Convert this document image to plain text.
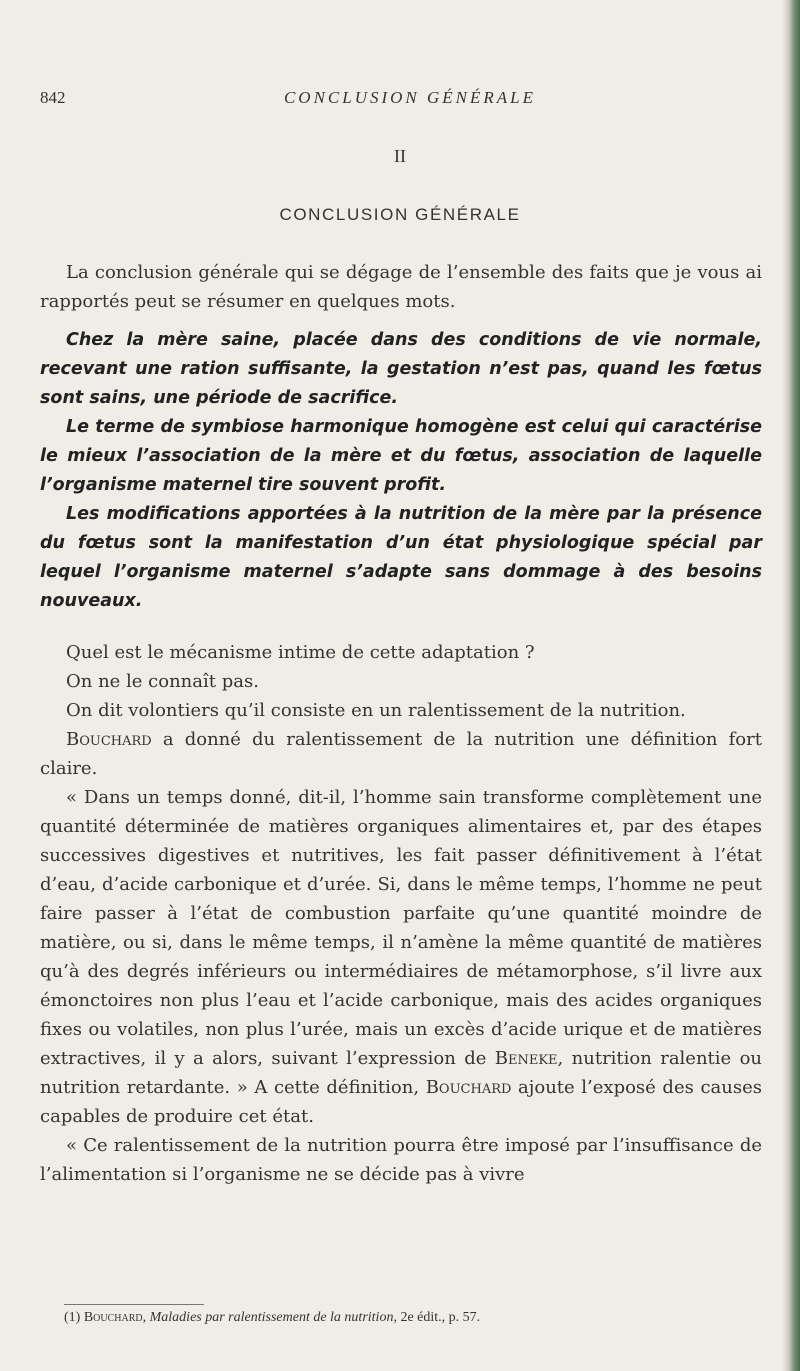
842	CONCLUSION GÉNÉRALE
II
CONCLUSION GÉNÉRALE

La conclusion générale qui se dégage de l’ensemble des faits que je vous ai rapportés peut se résumer en quelques mots.

Chez la mère saine, placée dans des conditions de vie normale, recevant une ration suffisante, la gestation n’est pas, quand les fœtus sont sains, une période de sacrifice.

Le terme de symbiose harmonique homogène est celui qui caractérise le mieux l’association de la mère et du fœtus, association de laquelle l’organisme maternel tire souvent profit.

Les modifications apportées à la nutrition de la mère par la présence du fœtus sont la manifestation d’un état physiologique spécial par lequel l’organisme maternel s’adapte sans dommage à des besoins nouveaux.

Quel est le mécanisme intime de cette adaptation ?

On ne le connaît pas.

On dit volontiers qu’il consiste en un ralentissement de la nutrition.

Bouchard a donné du ralentissement de la nutrition une définition fort claire.

« Dans un temps donné, dit-il, l’homme sain transforme complètement une quantité déterminée de matières organiques alimentaires et, par des étapes successives digestives et nutritives, les fait passer définitivement à l’état d’eau, d’acide carbonique et d’urée. Si, dans le même temps, l’homme ne peut faire passer à l’état de combustion parfaite qu’une quantité moindre de matière, ou si, dans le même temps, il n’amène la même quantité de matières qu’à des degrés inférieurs ou intermédiaires de métamorphose, s’il livre aux émonctoires non plus l’eau et l’acide carbonique, mais des acides organiques fixes ou volatiles, non plus l’urée, mais un excès d’acide urique et de matières extractives, il y a alors, suivant l’expression de Beneke, nutrition ralentie ou nutrition retardante. » A cette définition, Bouchard ajoute l’exposé des causes capables de produire cet état.

« Ce ralentissement de la nutrition pourra être imposé par l’insuffisance de l’alimentation si l’organisme ne se décide pas à vivre

(1) Bouchard, Maladies par ralentissement de la nutrition, 2e édit., p. 57.
